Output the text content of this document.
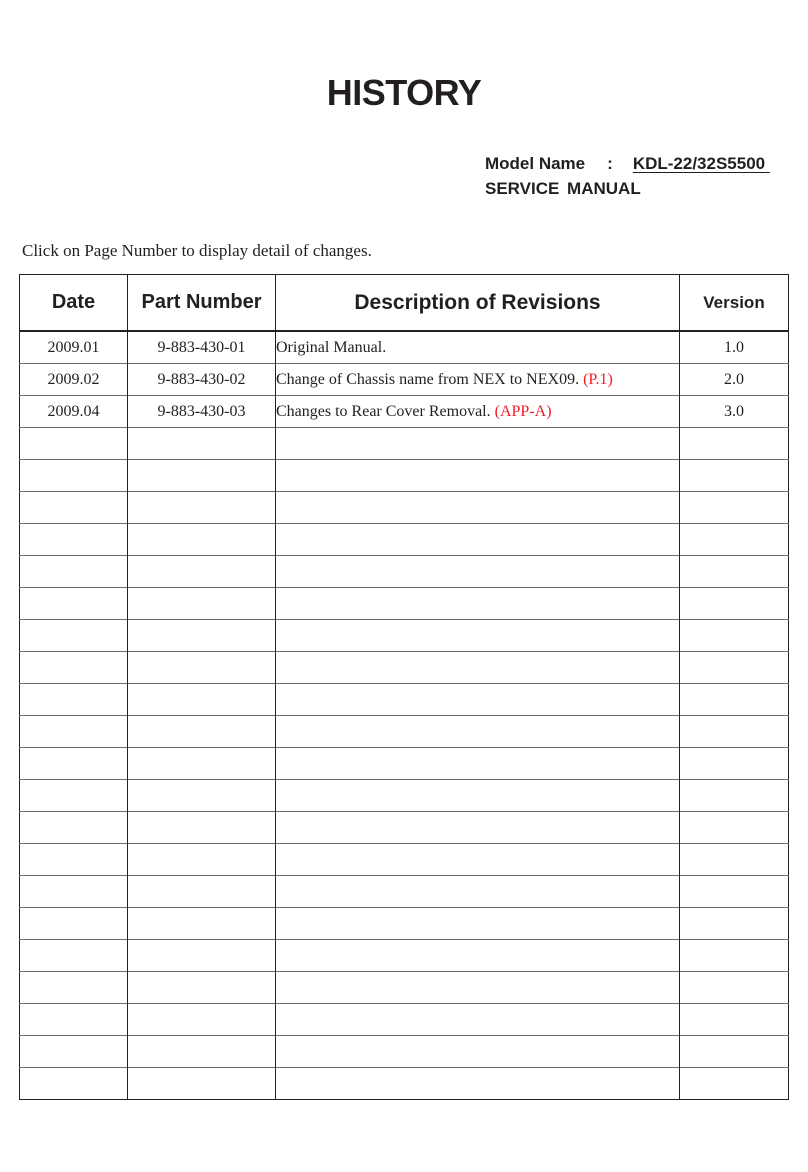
HISTORY
Model Name : KDL-22/32S5500
SERVICE MANUAL
Click on Page Number to display detail of changes.
Date	Part Number	Description of Revisions	Version
2009.01	9-883-430-01	Original Manual.	1.0
2009.02	9-883-430-02	Change of Chassis name from NEX to NEX09. (P.1)	2.0
2009.04	9-883-430-03	Changes to Rear Cover Removal. (APP-A)	3.0
